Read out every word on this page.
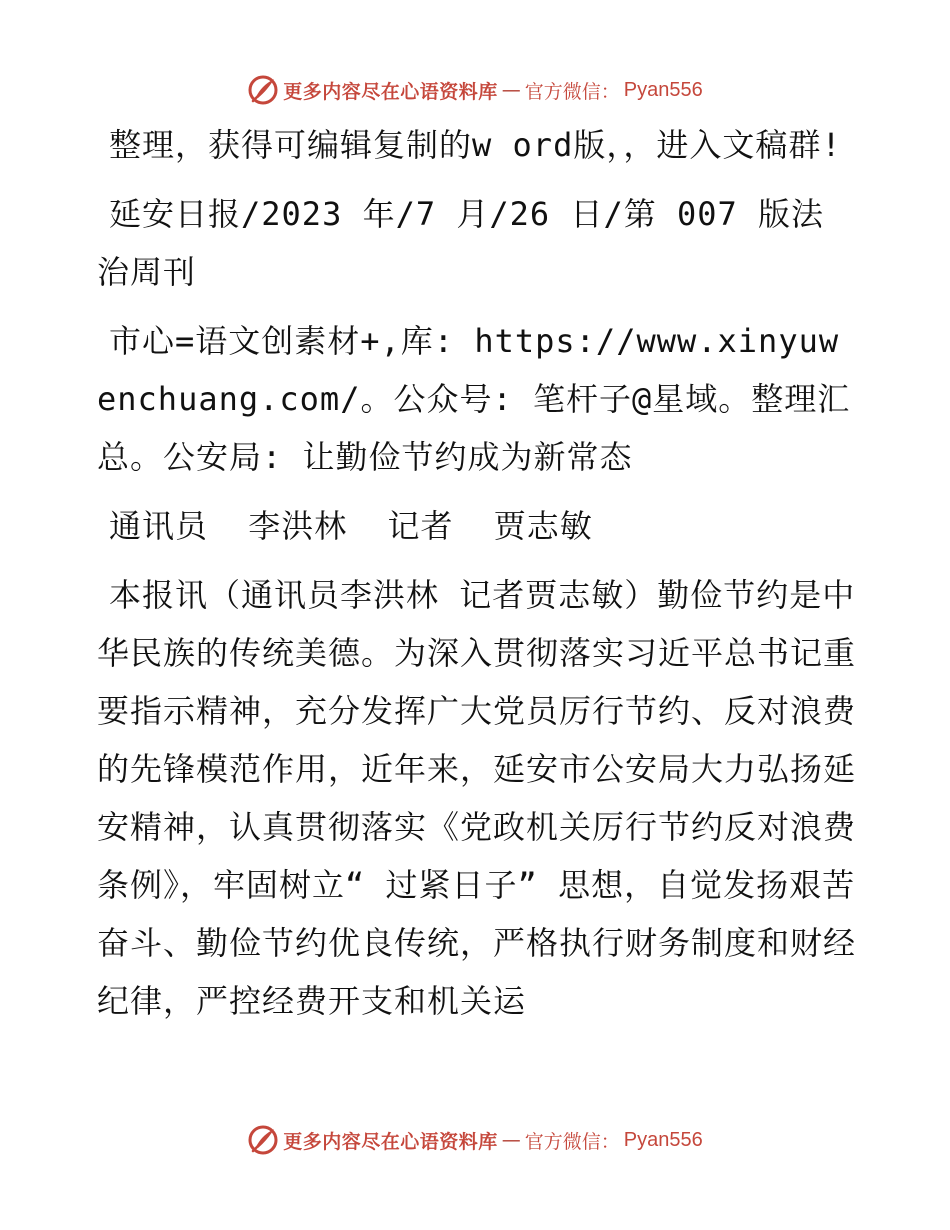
更多内容尽在心语资料库 — 官方微信： Pyan556

整理，获得可编辑复制的w ord版，，进入文稿群!

延安日报/2023 年/7 月/26 日/第 007 版法治周刊

市心=语文创素材+,库: https://www.xinyuwenchuang.com/。公众号: 笔杆子@星域。整理汇总。公安局: 让勤俭节约成为新常态

通讯员 李洪林 记者 贾志敏

本报讯（通讯员李洪林 记者贾志敏）勤俭节约是中华民族的传统美德。为深入贯彻落实习近平总书记重要指示精神，充分发挥广大党员厉行节约、反对浪费的先锋模范作用，近年来，延安市公安局大力弘扬延安精神，认真贯彻落实《党政机关厉行节约反对浪费条例》，牢固树立“ 过紧日子” 思想，自觉发扬艰苦奋斗、勤俭节约优良传统，严格执行财务制度和财经纪律，严控经费开支和机关运

更多内容尽在心语资料库 — 官方微信： Pyan556
